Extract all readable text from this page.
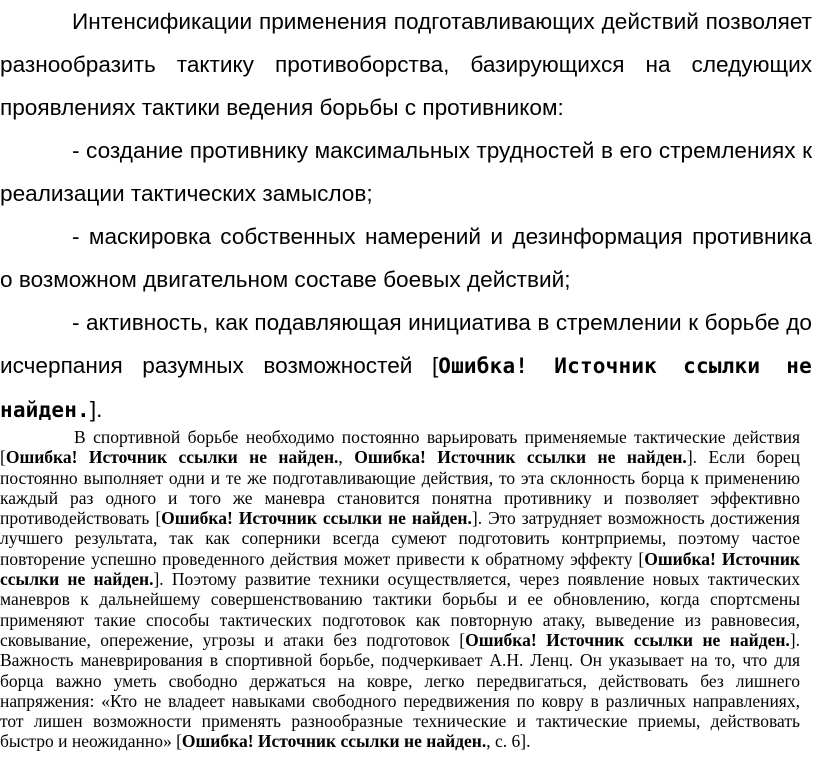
Интенсификации применения подготавливающих действий позволяет разнообразить тактику противоборства, базирующихся на следующих проявлениях тактики ведения борьбы с противником:

- создание противнику максимальных трудностей в его стремлениях к реализации тактических замыслов;

- маскировка собственных намерений и дезинформация противника о возможном двигательном составе боевых действий;

- активность, как подавляющая инициатива в стремлении к борьбе до исчерпания разумных возможностей [Ошибка! Источник ссылки не найден.].

В спортивной борьбе необходимо постоянно варьировать применяемые тактические действия [Ошибка! Источник ссылки не найден., Ошибка! Источник ссылки не найден.]. Если борец постоянно выполняет одни и те же подготавливающие действия, то эта склонность борца к применению каждый раз одного и того же маневра становится понятна противнику и позволяет эффективно противодействовать [Ошибка! Источник ссылки не найден.]. Это затрудняет возможность достижения лучшего результата, так как соперники всегда сумеют подготовить контрприемы, поэтому частое повторение успешно проведенного действия может привести к обратному эффекту [Ошибка! Источник ссылки не найден.]. Поэтому развитие техники осуществляется, через появление новых тактических маневров к дальнейшему совершенствованию тактики борьбы и ее обновлению, когда спортсмены применяют такие способы тактических подготовок как повторную атаку, выведение из равновесия, сковывание, опережение, угрозы и атаки без подготовок [Ошибка! Источник ссылки не найден.]. Важность маневрирования в спортивной борьбе, подчеркивает А.Н. Ленц. Он указывает на то, что для борца важно уметь свободно держаться на ковре, легко передвигаться, действовать без лишнего напряжения: «Кто не владеет навыками свободного передвижения по ковру в различных направлениях, тот лишен возможности применять разнообразные технические и тактические приемы, действовать быстро и неожиданно» [Ошибка! Источник ссылки не найден., с. 6].
